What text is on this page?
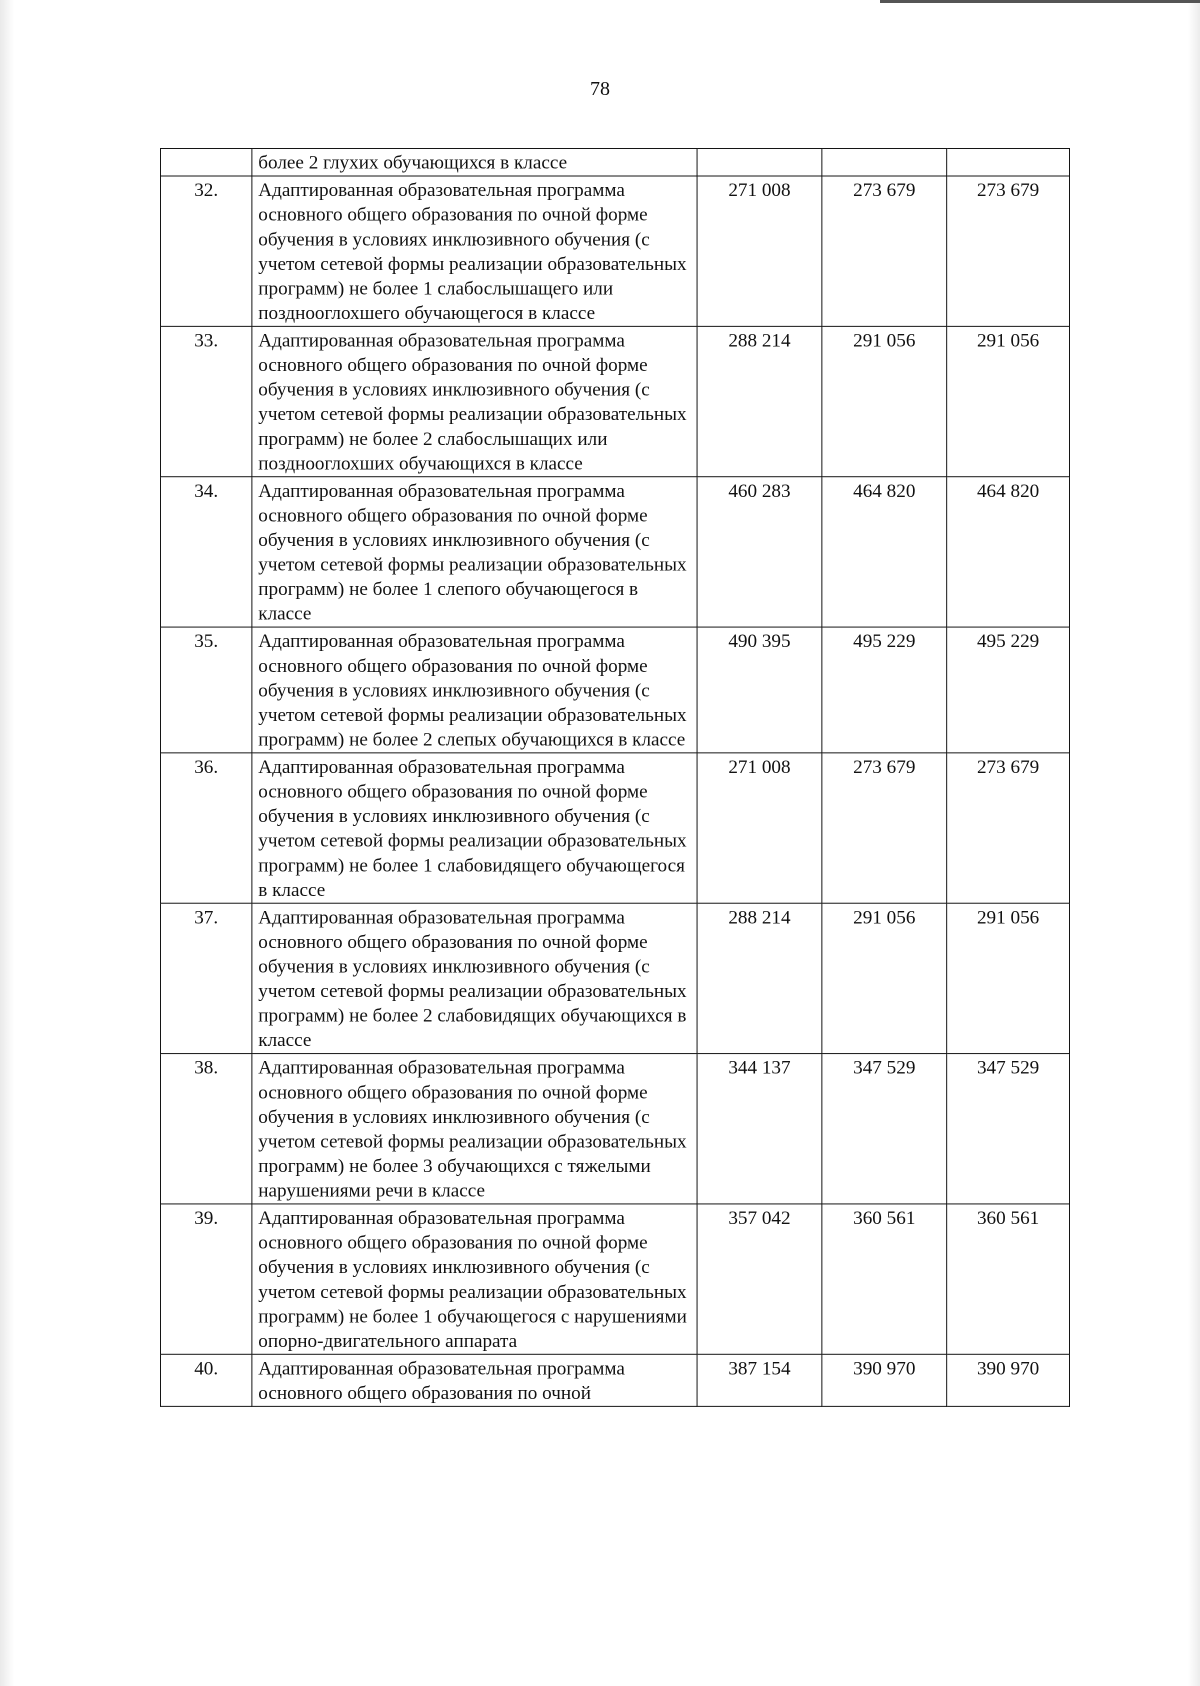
78
	более 2 глухих обучающихся в классе			
32.	Адаптированная образовательная программа основного общего образования по очной форме обучения в условиях инклюзивного обучения (с учетом сетевой формы реализации образовательных программ) не более 1 слабослышащего или позднооглохшего обучающегося в классе	271 008	273 679	273 679
33.	Адаптированная образовательная программа основного общего образования по очной форме обучения в условиях инклюзивного обучения (с учетом сетевой формы реализации образовательных программ) не более 2 слабослышащих или позднооглохших обучающихся в классе	288 214	291 056	291 056
34.	Адаптированная образовательная программа основного общего образования по очной форме обучения в условиях инклюзивного обучения (с учетом сетевой формы реализации образовательных программ) не более 1 слепого обучающегося в классе	460 283	464 820	464 820
35.	Адаптированная образовательная программа основного общего образования по очной форме обучения в условиях инклюзивного обучения (с учетом сетевой формы реализации образовательных программ) не более 2 слепых обучающихся в классе	490 395	495 229	495 229
36.	Адаптированная образовательная программа основного общего образования по очной форме обучения в условиях инклюзивного обучения (с учетом сетевой формы реализации образовательных программ) не более 1 слабовидящего обучающегося в классе	271 008	273 679	273 679
37.	Адаптированная образовательная программа основного общего образования по очной форме обучения в условиях инклюзивного обучения (с учетом сетевой формы реализации образовательных программ) не более 2 слабовидящих обучающихся в классе	288 214	291 056	291 056
38.	Адаптированная образовательная программа основного общего образования по очной форме обучения в условиях инклюзивного обучения (с учетом сетевой формы реализации образовательных программ) не более 3 обучающихся с тяжелыми нарушениями речи в классе	344 137	347 529	347 529
39.	Адаптированная образовательная программа основного общего образования по очной форме обучения в условиях инклюзивного обучения (с учетом сетевой формы реализации образовательных программ) не более 1 обучающегося с нарушениями опорно-двигательного аппарата	357 042	360 561	360 561
40.	Адаптированная образовательная программа основного общего образования по очной	387 154	390 970	390 970
